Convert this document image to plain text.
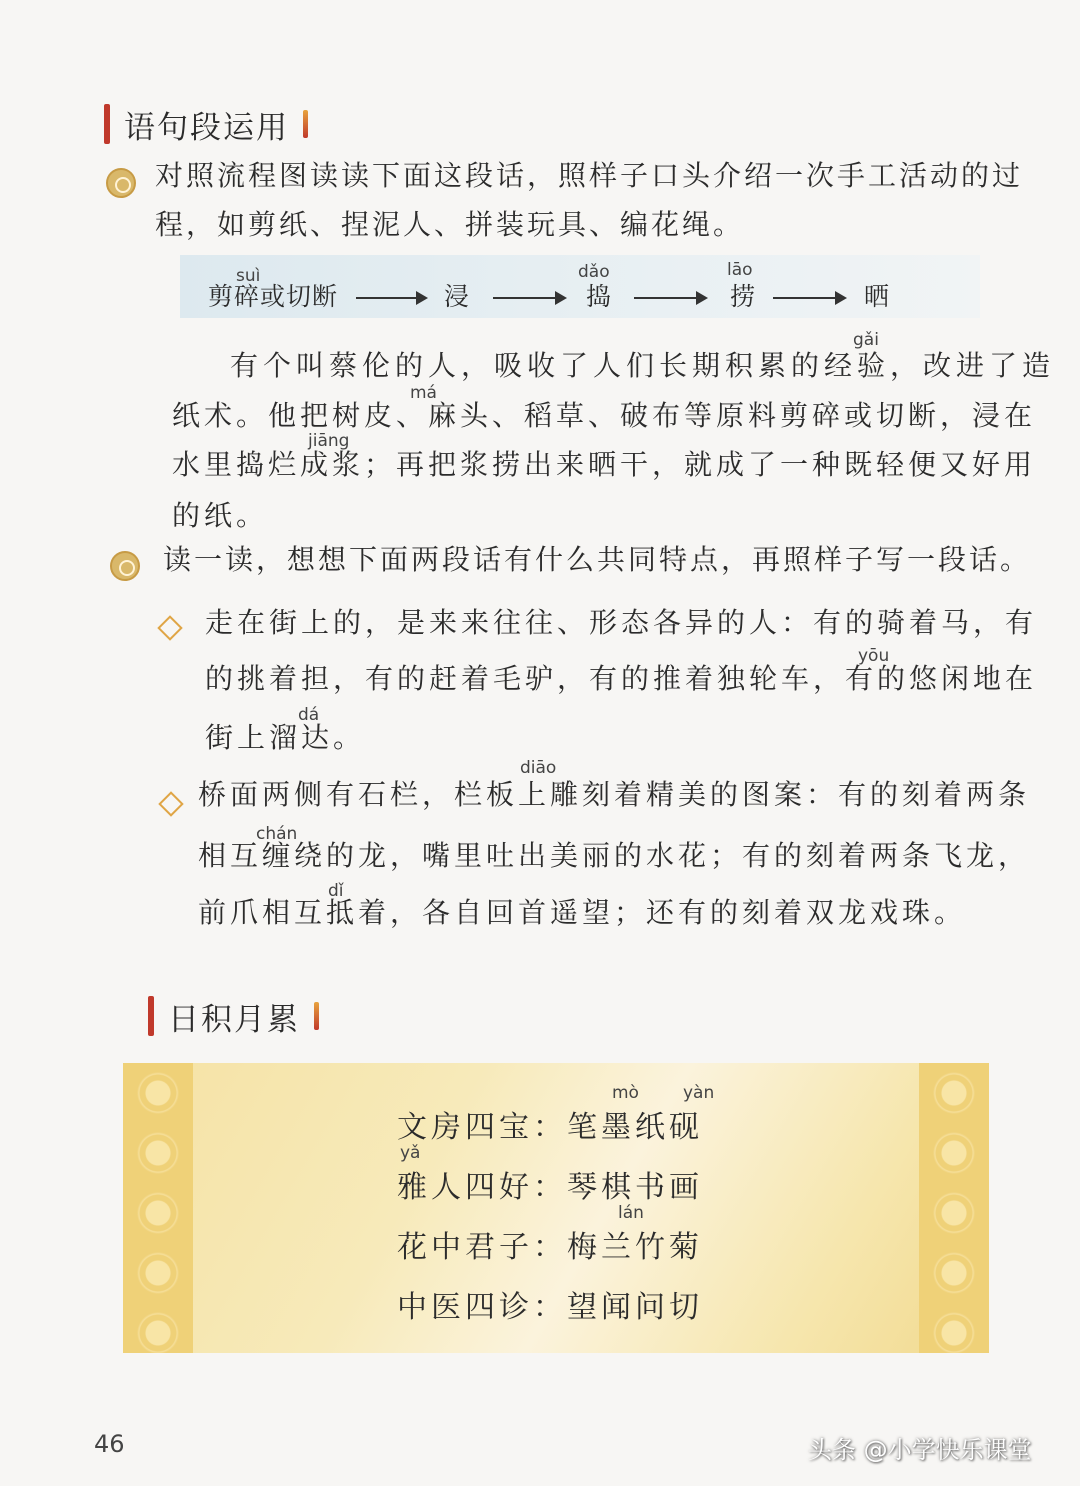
语句段运用
对照流程图读读下面这段话，照样子口头介绍一次手工活动的过
程，如剪纸、捏泥人、拼装玩具、编花绳。
suì
剪碎或切断	浸
dǎo
捣
lāo
捞	晒
gǎi
有个叫蔡伦的人，吸收了人们长期积累的经验，改进了造
má
纸术。他把树皮、麻头、稻草、破布等原料剪碎或切断，浸在
jiāng
水里捣烂成浆；再把浆捞出来晒干，就成了一种既轻便又好用
的纸。
读一读，想想下面两段话有什么共同特点，再照样子写一段话。
走在街上的，是来来往往、形态各异的人：有的骑着马，有
yōu
的挑着担，有的赶着毛驴，有的推着独轮车，有的悠闲地在
dá
街上溜达。
diāo
桥面两侧有石栏，栏板上雕刻着精美的图案：有的刻着两条
chán
相互缠绕的龙，嘴里吐出美丽的水花；有的刻着两条飞龙，
dǐ
前爪相互抵着，各自回首遥望；还有的刻着双龙戏珠。
日积月累
mò	yàn
文房四宝：笔墨纸砚
yǎ
雅人四好：琴棋书画
lán
花中君子：梅兰竹菊
中医四诊：望闻问切
46	头条 @小学快乐课堂
